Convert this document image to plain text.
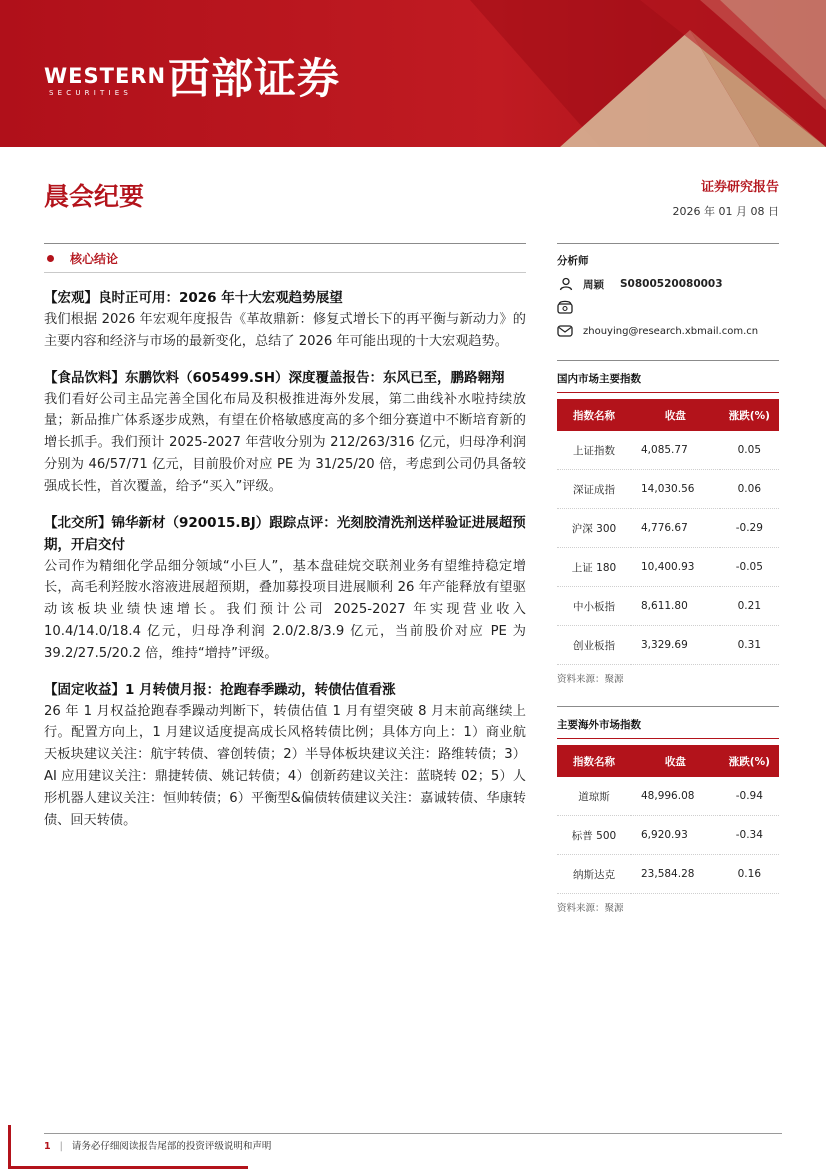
WESTERN
SECURITIES 西部证券
晨会纪要	证券研究报告
2026 年 01 月 08 日
核心结论

【宏观】良时正可用：2026 年十大宏观趋势展望

我们根据 2026 年宏观年度报告《革故鼎新：修复式增长下的再平衡与新动力》的主要内容和经济与市场的最新变化，总结了 2026 年可能出现的十大宏观趋势。

【食品饮料】东鹏饮料（605499.SH）深度覆盖报告：东风已至，鹏路翱翔

我们看好公司主品完善全国化布局及积极推进海外发展，第二曲线补水啦持续放量；新品推广体系逐步成熟，有望在价格敏感度高的多个细分赛道中不断培育新的增长抓手。我们预计 2025-2027 年营收分别为 212/263/316 亿元，归母净利润分别为 46/57/71 亿元，目前股价对应 PE 为 31/25/20 倍，考虑到公司仍具备较强成长性，首次覆盖，给予“买入”评级。

【北交所】锦华新材（920015.BJ）跟踪点评：光刻胶清洗剂送样验证进展超预期，开启交付

公司作为精细化学品细分领域“小巨人”，基本盘硅烷交联剂业务有望维持稳定增长，高毛利羟胺水溶液进展超预期，叠加募投项目进展顺利 26 年产能释放有望驱动该板块业绩快速增长。我们预计公司 2025-2027 年实现营业收入 10.4/14.0/18.4 亿元，归母净利润 2.0/2.8/3.9 亿元，当前股价对应 PE 为 39.2/27.5/20.2 倍，维持“增持”评级。

【固定收益】1 月转债月报：抢跑春季躁动，转债估值看涨

26 年 1 月权益抢跑春季躁动判断下，转债估值 1 月有望突破 8 月末前高继续上行。配置方向上，1 月建议适度提高成长风格转债比例；具体方向上：1）商业航天板块建议关注：航宇转债、睿创转债；2）半导体板块建议关注：路维转债；3）AI 应用建议关注：鼎捷转债、姚记转债；4）创新药建议关注：蓝晓转 02；5）人形机器人建议关注：恒帅转债；6）平衡型&偏债转债建议关注：嘉诚转债、华康转债、回天转债。

分析师
周颖 S0800520080003
zhouying@research.xbmail.com.cn
国内市场主要指数
指数名称	收盘	涨跌(%)
上证指数	4,085.77	0.05
深证成指	14,030.56	0.06
沪深 300	4,776.67	-0.29
上证 180	10,400.93	-0.05
中小板指	8,611.80	0.21
创业板指	3,329.69	0.31
资料来源：聚源
主要海外市场指数
指数名称	收盘	涨跌(%)
道琼斯	48,996.08	-0.94
标普 500	6,920.93	-0.34
纳斯达克	23,584.28	0.16
资料来源：聚源
1 | 请务必仔细阅读报告尾部的投资评级说明和声明
